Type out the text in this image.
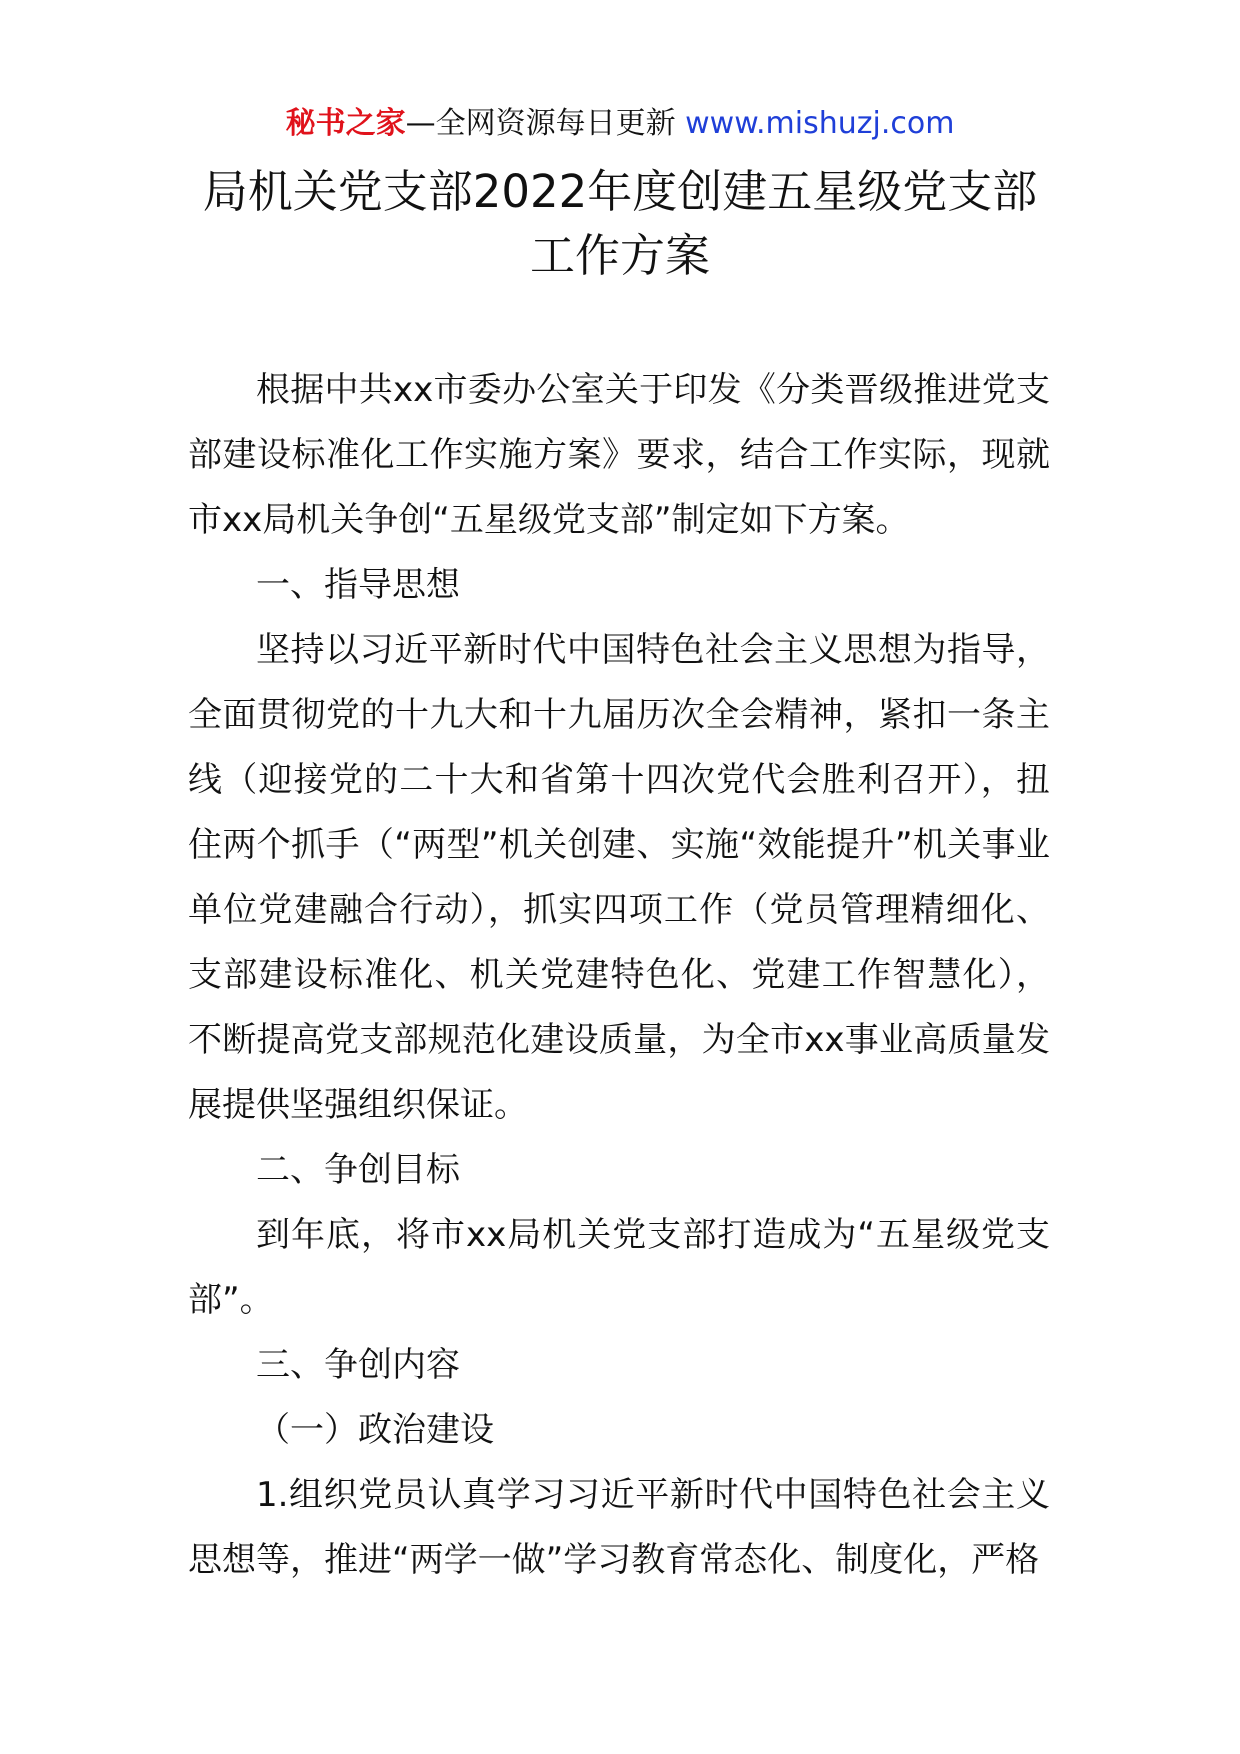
秘书之家—全网资源每日更新 www.mishuzj.com
局机关党支部2022年度创建五星级党支部
工作方案

根据中共xx市委办公室关于印发《分类晋级推进党支部建设标准化工作实施方案》要求，结合工作实际，现就市xx局机关争创“五星级党支部”制定如下方案。

一、指导思想

坚持以习近平新时代中国特色社会主义思想为指导，全面贯彻党的十九大和十九届历次全会精神，紧扣一条主线（迎接党的二十大和省第十四次党代会胜利召开），扭住两个抓手（“两型”机关创建、实施“效能提升”机关事业单位党建融合行动），抓实四项工作（党员管理精细化、支部建设标准化、机关党建特色化、党建工作智慧化），不断提高党支部规范化建设质量，为全市xx事业高质量发展提供坚强组织保证。

二、争创目标

到年底，将市xx局机关党支部打造成为“五星级党支部”。

三、争创内容

（一）政治建设

1.组织党员认真学习习近平新时代中国特色社会主义思想等，推进“两学一做”学习教育常态化、制度化，严格
